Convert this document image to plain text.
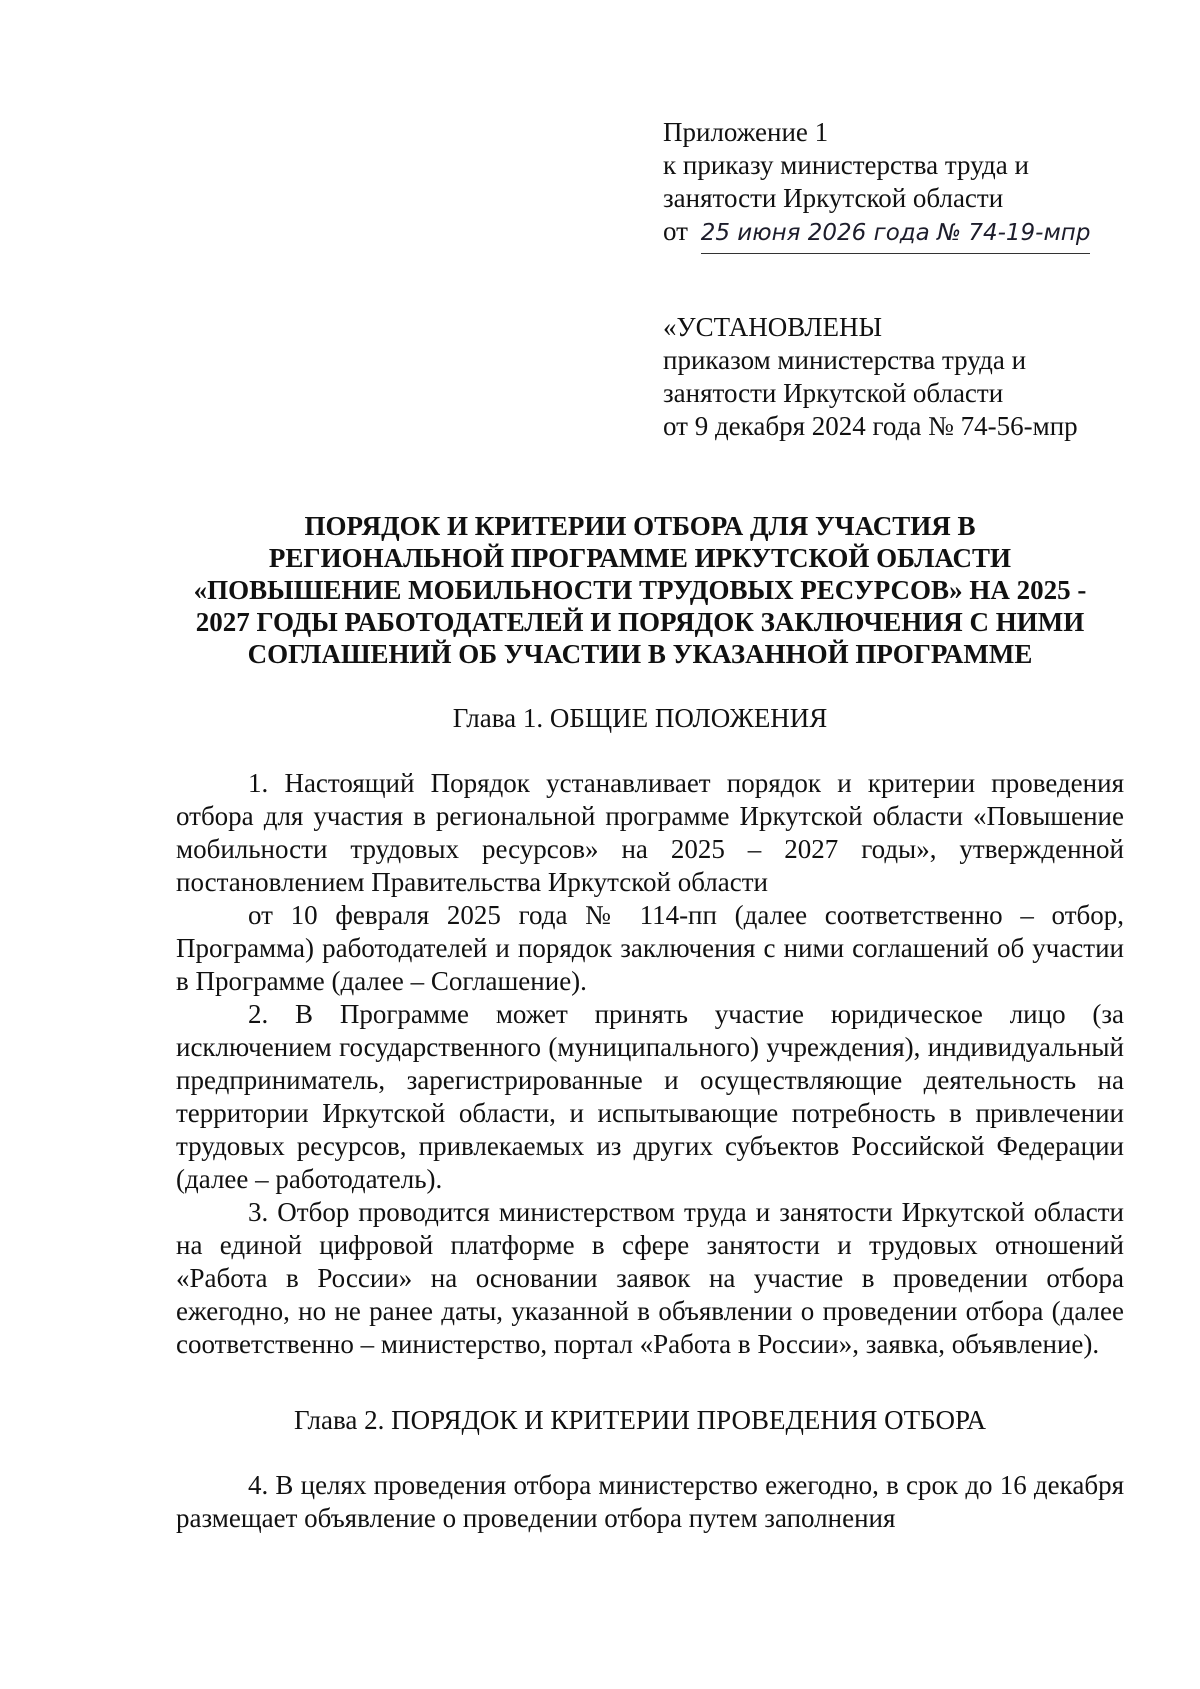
Приложение 1
к приказу министерства труда и
занятости Иркутской области
от 25 июня 2026 года № 74-19-мпр
«УСТАНОВЛЕНЫ
приказом министерства труда и
занятости Иркутской области
от 9 декабря 2024 года № 74-56-мпр
ПОРЯДОК И КРИТЕРИИ ОТБОРА ДЛЯ УЧАСТИЯ В
РЕГИОНАЛЬНОЙ ПРОГРАММЕ ИРКУТСКОЙ ОБЛАСТИ
«ПОВЫШЕНИЕ МОБИЛЬНОСТИ ТРУДОВЫХ РЕСУРСОВ» НА 2025 -
2027 ГОДЫ РАБОТОДАТЕЛЕЙ И ПОРЯДОК ЗАКЛЮЧЕНИЯ С НИМИ
СОГЛАШЕНИЙ ОБ УЧАСТИИ В УКАЗАННОЙ ПРОГРАММЕ
Глава 1. ОБЩИЕ ПОЛОЖЕНИЯ

1. Настоящий Порядок устанавливает порядок и критерии проведения отбора для участия в региональной программе Иркутской области «Повышение мобильности трудовых ресурсов» на 2025 – 2027 годы», утвержденной постановлением Правительства Иркутской области

от 10 февраля 2025 года № 114-пп (далее соответственно – отбор, Программа) работодателей и порядок заключения с ними соглашений об участии в Программе (далее – Соглашение).

2. В Программе может принять участие юридическое лицо (за исключением государственного (муниципального) учреждения), индивидуальный предприниматель, зарегистрированные и осуществляющие деятельность на территории Иркутской области, и испытывающие потребность в привлечении трудовых ресурсов, привлекаемых из других субъектов Российской Федерации (далее – работодатель).

3. Отбор проводится министерством труда и занятости Иркутской области на единой цифровой платформе в сфере занятости и трудовых отношений «Работа в России» на основании заявок на участие в проведении отбора ежегодно, но не ранее даты, указанной в объявлении о проведении отбора (далее соответственно – министерство, портал «Работа в России», заявка, объявление).

Глава 2. ПОРЯДОК И КРИТЕРИИ ПРОВЕДЕНИЯ ОТБОРА

4. В целях проведения отбора министерство ежегодно, в срок до 16 декабря размещает объявление о проведении отбора путем заполнения
